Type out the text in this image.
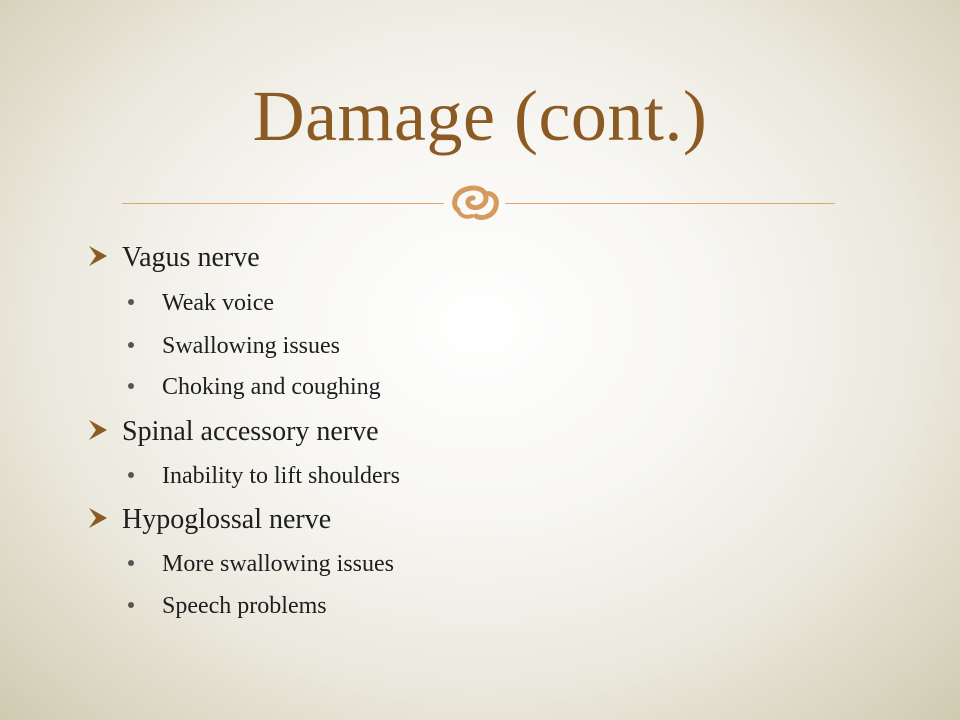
Damage (cont.)
Vagus nerve
Weak voice
Swallowing issues
Choking and coughing
Spinal accessory nerve
Inability to lift shoulders
Hypoglossal nerve
More swallowing issues
Speech problems
